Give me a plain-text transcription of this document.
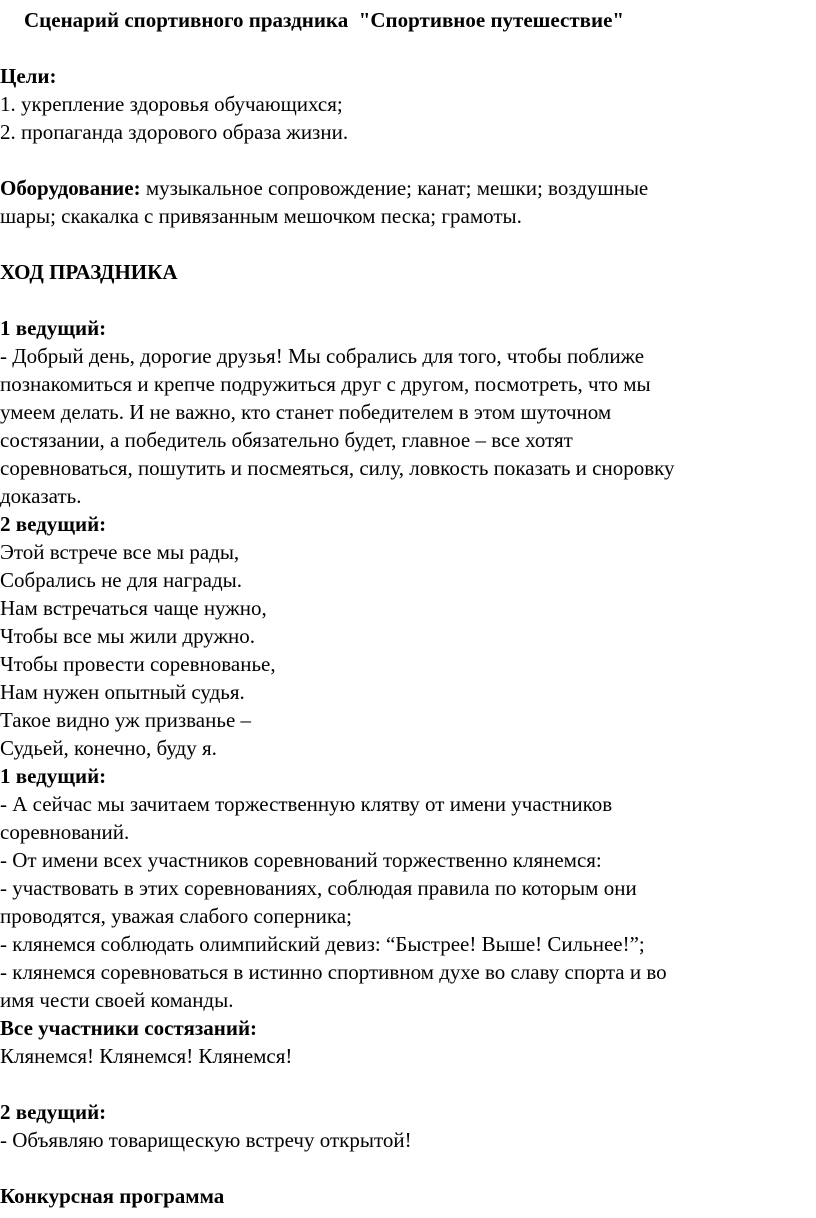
Сценарий спортивного праздника  "Спортивное путешествие"
Цели:
1. укрепление здоровья обучающихся;
2. пропаганда здорового образа жизни.
Оборудование: музыкальное сопровождение; канат; мешки; воздушные
шары; скакалка с привязанным мешочком песка; грамоты.
ХОД ПРАЗДНИКА
1 ведущий:
- Добрый день, дорогие друзья! Мы собрались для того, чтобы поближе
познакомиться и крепче подружиться друг с другом, посмотреть, что мы
умеем делать. И не важно, кто станет победителем в этом шуточном
состязании, а победитель обязательно будет, главное – все хотят
соревноваться, пошутить и посмеяться, силу, ловкость показать и сноровку
доказать.
2 ведущий:
Этой встрече все мы рады,
Собрались не для награды.
Нам встречаться чаще нужно,
Чтобы все мы жили дружно.
Чтобы провести соревнованье,
Нам нужен опытный судья.
Такое видно уж призванье –
Судьей, конечно, буду я.
1 ведущий:
- А сейчас мы зачитаем торжественную клятву от имени участников
соревнований.
- От имени всех участников соревнований торжественно клянемся:
- участвовать в этих соревнованиях, соблюдая правила по которым они
проводятся, уважая слабого соперника;
- клянемся соблюдать олимпийский девиз: “Быстрее! Выше! Сильнее!”;
- клянемся соревноваться в истинно спортивном духе во славу спорта и во
имя чести своей команды.
Все участники состязаний:
Клянемся! Клянемся! Клянемся!
2 ведущий:
- Объявляю товарищескую встречу открытой!
Конкурсная программа
